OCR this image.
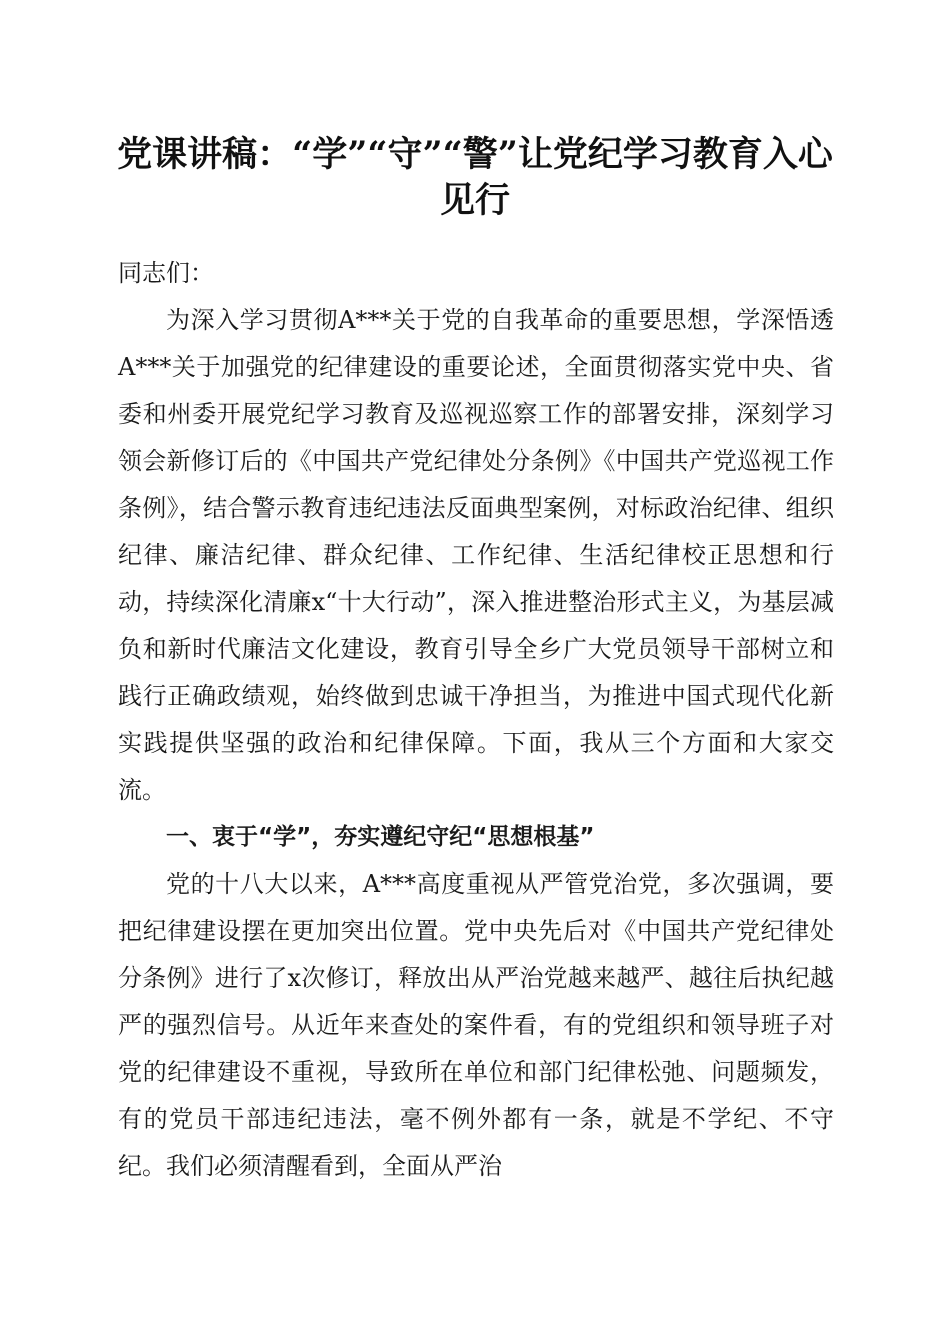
党课讲稿：“学”“守”“警”让党纪学习教育入心见行

同志们：

为深入学习贯彻A***关于党的自我革命的重要思想，学深悟透A***关于加强党的纪律建设的重要论述，全面贯彻落实党中央、省委和州委开展党纪学习教育及巡视巡察工作的部署安排，深刻学习领会新修订后的《中国共产党纪律处分条例》《中国共产党巡视工作条例》，结合警示教育违纪违法反面典型案例，对标政治纪律、组织纪律、廉洁纪律、群众纪律、工作纪律、生活纪律校正思想和行动，持续深化清廉x“十大行动”，深入推进整治形式主义，为基层减负和新时代廉洁文化建设，教育引导全乡广大党员领导干部树立和践行正确政绩观，始终做到忠诚干净担当，为推进中国式现代化新实践提供坚强的政治和纪律保障。下面，我从三个方面和大家交流。

一、衷于“学”，夯实遵纪守纪“思想根基”

党的十八大以来，A***高度重视从严管党治党，多次强调，要把纪律建设摆在更加突出位置。党中央先后对《中国共产党纪律处分条例》进行了x次修订，释放出从严治党越来越严、越往后执纪越严的强烈信号。从近年来查处的案件看，有的党组织和领导班子对党的纪律建设不重视，导致所在单位和部门纪律松弛、问题频发，有的党员干部违纪违法，毫不例外都有一条，就是不学纪、不守纪。我们必须清醒看到，全面从严治
